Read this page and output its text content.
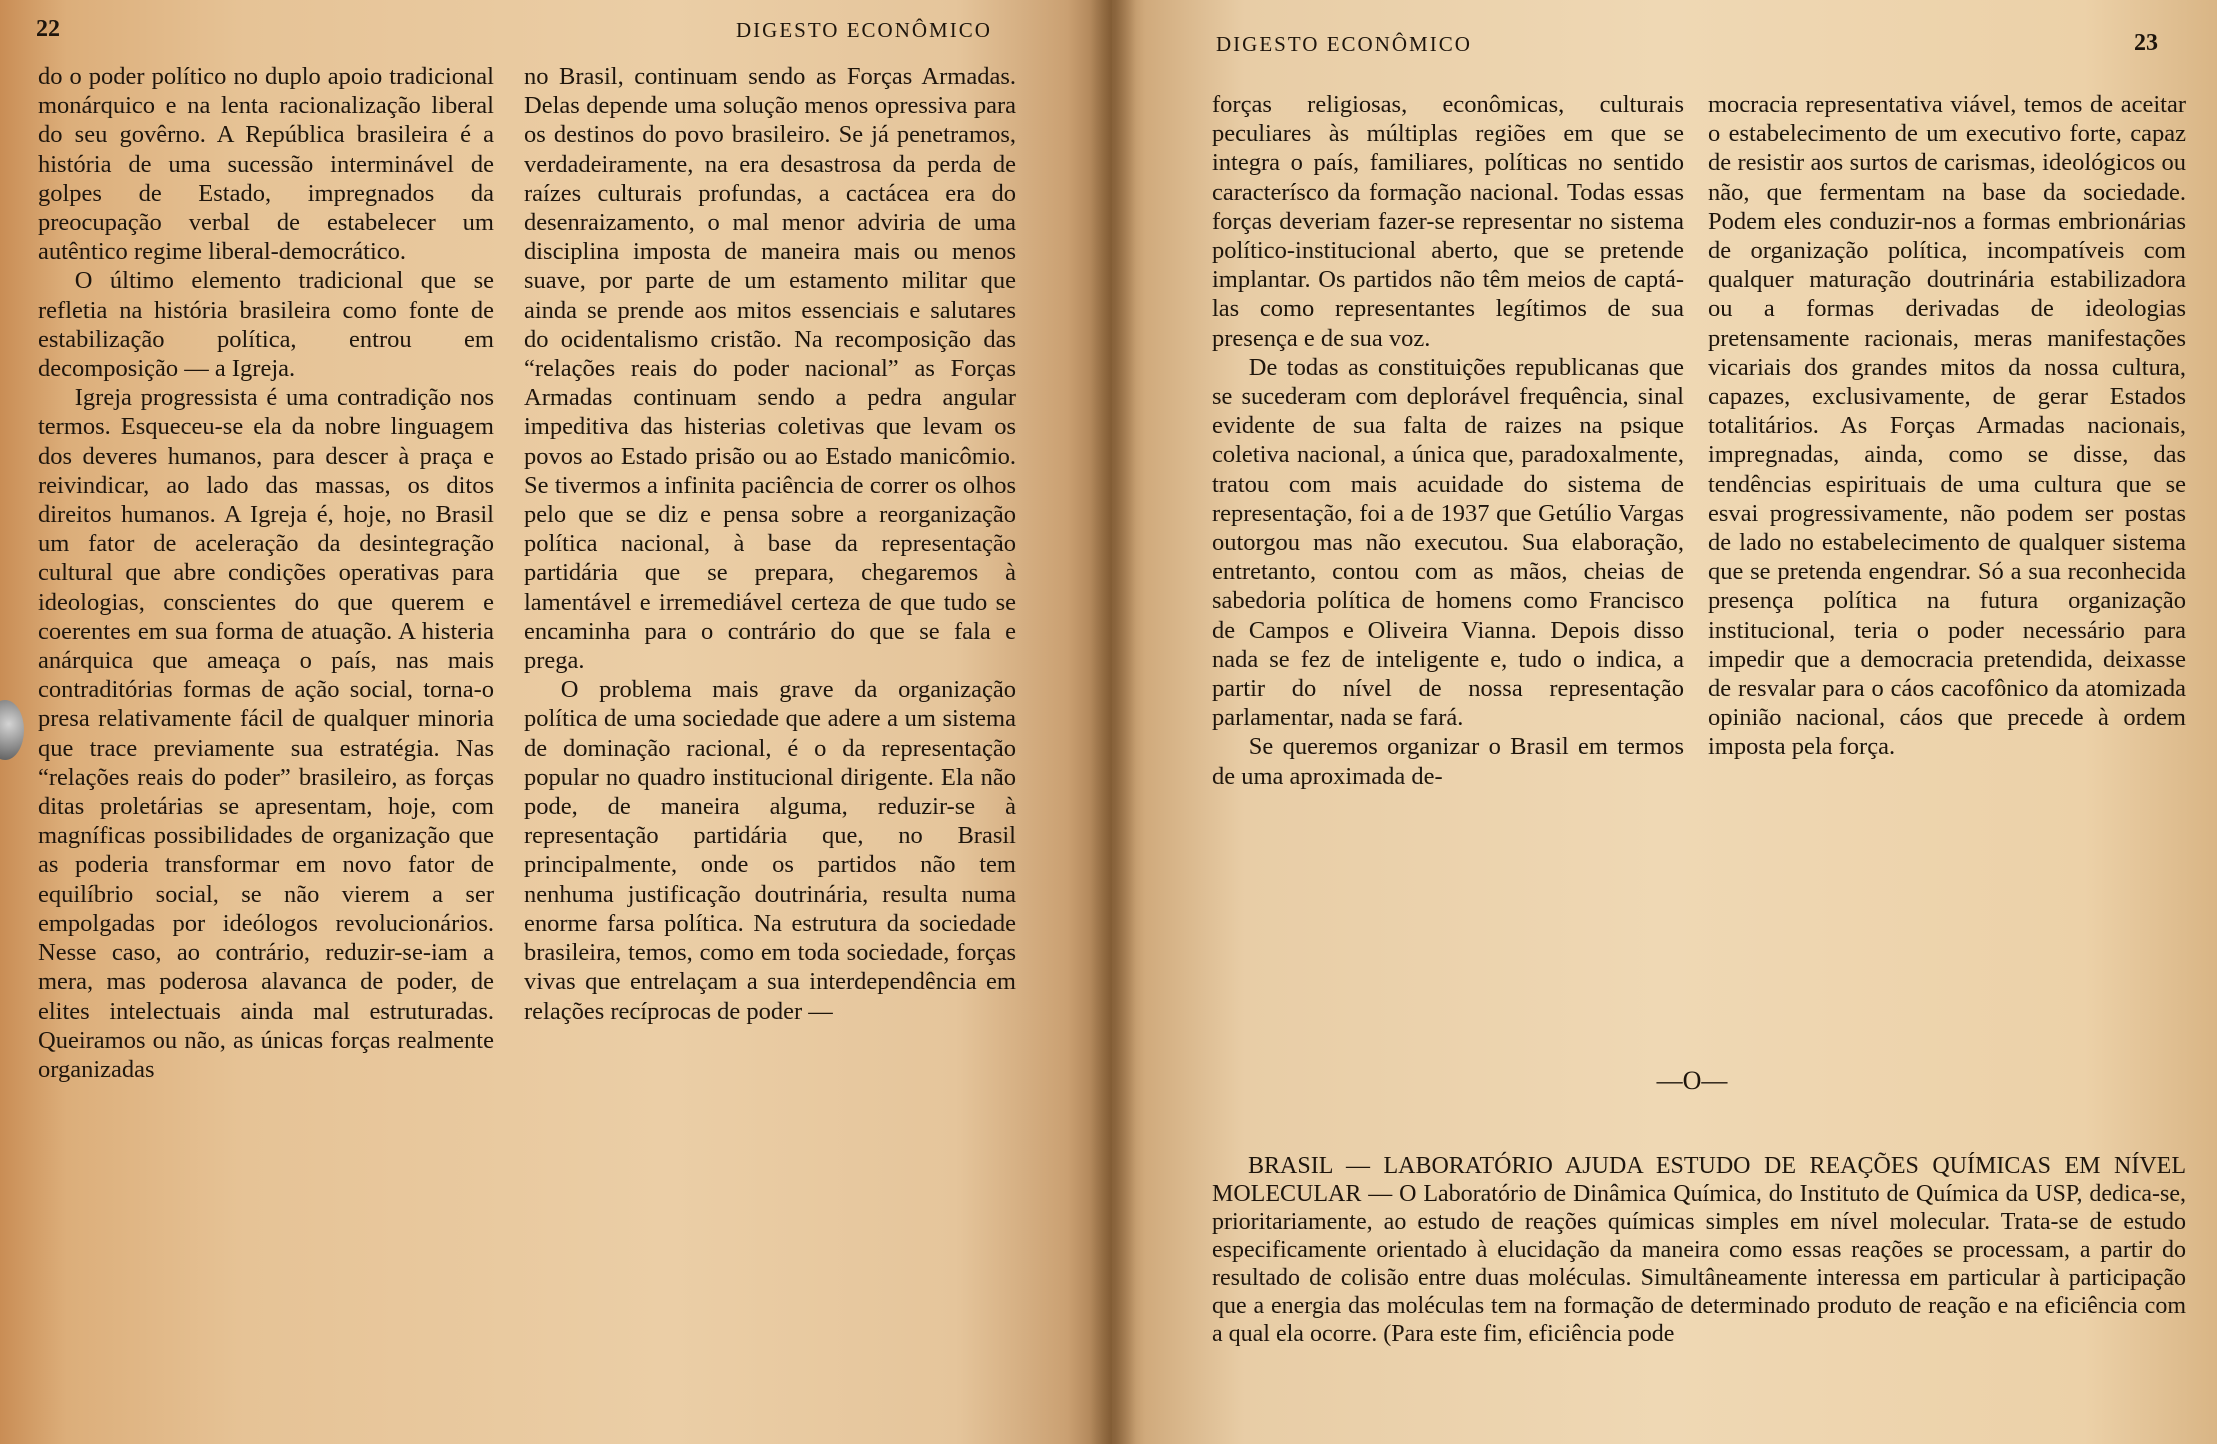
22	DIGESTO ECONÔMICO

do o poder político no duplo apoio tradicional monárquico e na lenta racionalização liberal do seu govêrno. A República brasileira é a história de uma sucessão interminável de golpes de Estado, impregnados da preocupação verbal de estabelecer um autêntico regime liberal-democrático.

O último elemento tradicional que se refletia na história brasileira como fonte de estabilização política, entrou em decomposição — a Igreja.

Igreja progressista é uma contradição nos termos. Esqueceu-se ela da nobre linguagem dos deveres humanos, para descer à praça e reivindicar, ao lado das massas, os ditos direitos humanos. A Igreja é, hoje, no Brasil um fator de aceleração da desintegração cultural que abre condições operativas para ideologias, conscientes do que querem e coerentes em sua forma de atuação. A histeria anárquica que ameaça o país, nas mais contraditórias formas de ação social, torna-o presa relativamente fácil de qualquer minoria que trace previamente sua estratégia. Nas “relações reais do poder” brasileiro, as forças ditas proletárias se apresentam, hoje, com magníficas possibilidades de organização que as poderia transformar em novo fator de equilíbrio social, se não vierem a ser empolgadas por ideólogos revolucionários. Nesse caso, ao contrário, reduzir-se-iam a mera, mas poderosa alavanca de poder, de elites intelectuais ainda mal estruturadas. Queiramos ou não, as únicas forças realmente organizadas

no Brasil, continuam sendo as Forças Armadas. Delas depende uma solução menos opressiva para os destinos do povo brasileiro. Se já penetramos, verdadeiramente, na era desastrosa da perda de raízes culturais profundas, a cactácea era do desenraizamento, o mal menor adviria de uma disciplina imposta de maneira mais ou menos suave, por parte de um estamento militar que ainda se prende aos mitos essenciais e salutares do ocidentalismo cristão. Na recomposição das “relações reais do poder nacional” as Forças Armadas continuam sendo a pedra angular impeditiva das histerias coletivas que levam os povos ao Estado prisão ou ao Estado manicômio. Se tivermos a infinita paciência de correr os olhos pelo que se diz e pensa sobre a reorganização política nacional, à base da representação partidária que se prepara, chegaremos à lamentável e irremediável certeza de que tudo se encaminha para o contrário do que se fala e prega.

O problema mais grave da organização política de uma sociedade que adere a um sistema de dominação racional, é o da representação popular no quadro institucional dirigente. Ela não pode, de maneira alguma, reduzir-se à representação partidária que, no Brasil principalmente, onde os partidos não tem nenhuma justificação doutrinária, resulta numa enorme farsa política. Na estrutura da sociedade brasileira, temos, como em toda sociedade, forças vivas que entrelaçam a sua interdependência em relações recíprocas de poder —

DIGESTO ECONÔMICO	23

forças religiosas, econômicas, culturais peculiares às múltiplas regiões em que se integra o país, familiares, políticas no sentido caracterísco da formação nacional. Todas essas forças deveriam fazer-se representar no sistema político-institucional aberto, que se pretende implantar. Os partidos não têm meios de captá-las como representantes legítimos de sua presença e de sua voz.

De todas as constituições republicanas que se sucederam com deplorável frequência, sinal evidente de sua falta de raizes na psique coletiva nacional, a única que, paradoxalmente, tratou com mais acuidade do sistema de representação, foi a de 1937 que Getúlio Vargas outorgou mas não executou. Sua elaboração, entretanto, contou com as mãos, cheias de sabedoria política de homens como Francisco de Campos e Oliveira Vianna. Depois disso nada se fez de inteligente e, tudo o indica, a partir do nível de nossa representação parlamentar, nada se fará.

Se queremos organizar o Brasil em termos de uma aproximada de-

mocracia representativa viável, temos de aceitar o estabelecimento de um executivo forte, capaz de resistir aos surtos de carismas, ideológicos ou não, que fermentam na base da sociedade. Podem eles conduzir-nos a formas embrionárias de organização política, incompatíveis com qualquer maturação doutrinária estabilizadora ou a formas derivadas de ideologias pretensamente racionais, meras manifestações vicariais dos grandes mitos da nossa cultura, capazes, exclusivamente, de gerar Estados totalitários. As Forças Armadas nacionais, impregnadas, ainda, como se disse, das tendências espirituais de uma cultura que se esvai progressivamente, não podem ser postas de lado no estabelecimento de qualquer sistema que se pretenda engendrar. Só a sua reconhecida presença política na futura organização institucional, teria o poder necessário para impedir que a democracia pretendida, deixasse de resvalar para o cáos cacofônico da atomizada opinião nacional, cáos que precede à ordem imposta pela força.

—O—

BRASIL — LABORATÓRIO AJUDA ESTUDO DE REAÇÕES QUÍMICAS EM NÍVEL MOLECULAR — O Laboratório de Dinâmica Química, do Instituto de Química da USP, dedica-se, prioritariamente, ao estudo de reações químicas simples em nível molecular. Trata-se de estudo especificamente orientado à elucidação da maneira como essas reações se processam, a partir do resultado de colisão entre duas moléculas. Simultâneamente interessa em particular à participação que a energia das moléculas tem na formação de determinado produto de reação e na eficiência com a qual ela ocorre. (Para este fim, eficiência pode
